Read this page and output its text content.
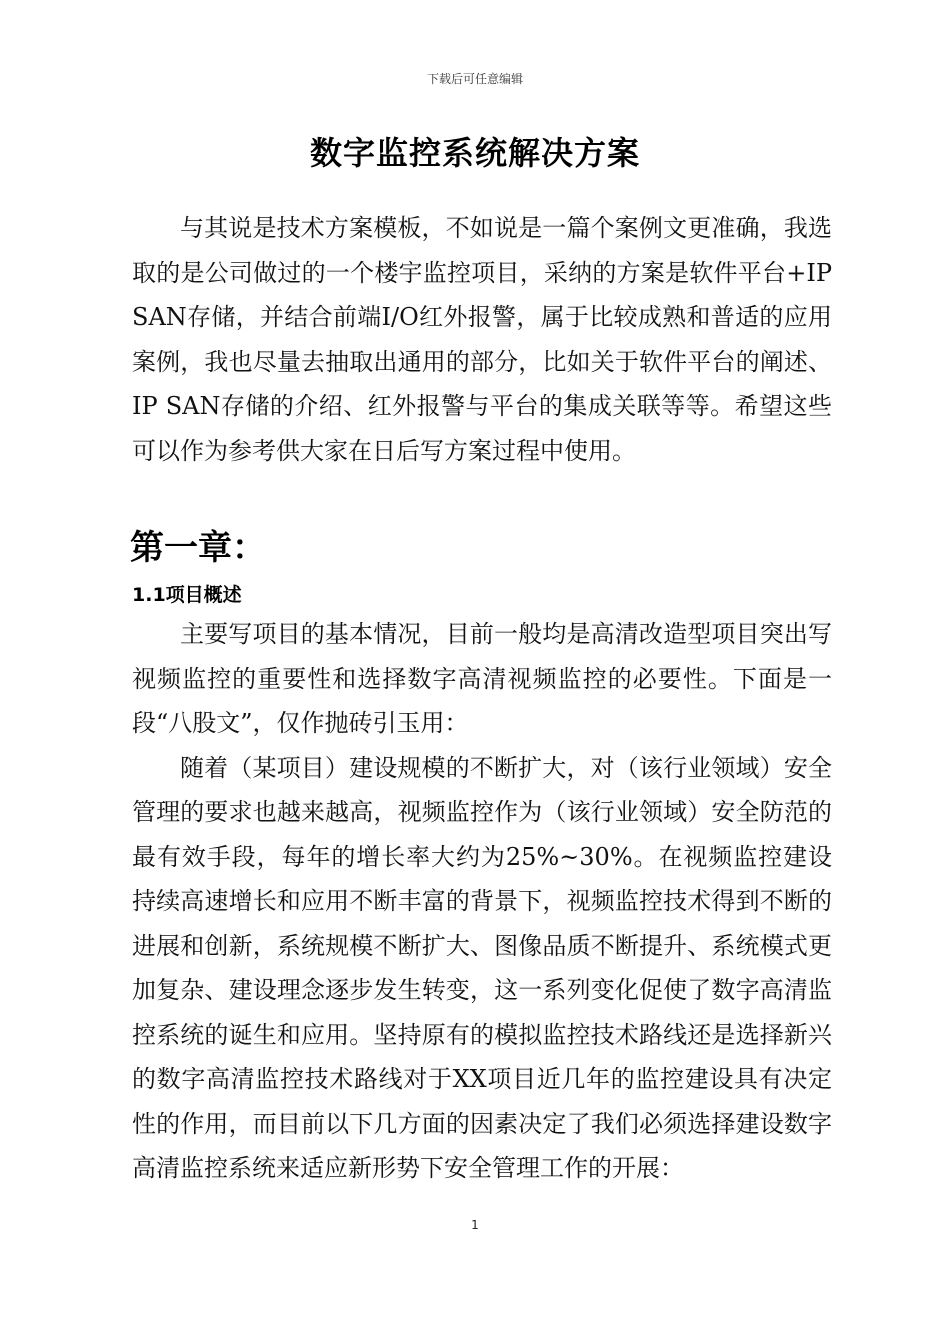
下载后可任意编辑
数字监控系统解决方案

与其说是技术方案模板，不如说是一篇个案例文更准确，我选取的是公司做过的一个楼宇监控项目，采纳的方案是软件平台+IP SAN存储，并结合前端I/O红外报警，属于比较成熟和普适的应用案例，我也尽量去抽取出通用的部分，比如关于软件平台的阐述、IP SAN存储的介绍、红外报警与平台的集成关联等等。希望这些可以作为参考供大家在日后写方案过程中使用。

第一章：
1.1项目概述

主要写项目的基本情况，目前一般均是高清改造型项目突出写视频监控的重要性和选择数字高清视频监控的必要性。下面是一段“八股文”，仅作抛砖引玉用：

随着（某项目）建设规模的不断扩大，对（该行业领域）安全管理的要求也越来越高，视频监控作为（该行业领域）安全防范的最有效手段，每年的增长率大约为25%~30%。在视频监控建设持续高速增长和应用不断丰富的背景下，视频监控技术得到不断的进展和创新，系统规模不断扩大、图像品质不断提升、系统模式更加复杂、建设理念逐步发生转变，这一系列变化促使了数字高清监控系统的诞生和应用。坚持原有的模拟监控技术路线还是选择新兴的数字高清监控技术路线对于XX项目近几年的监控建设具有决定性的作用，而目前以下几方面的因素决定了我们必须选择建设数字高清监控系统来适应新形势下安全管理工作的开展：

1
